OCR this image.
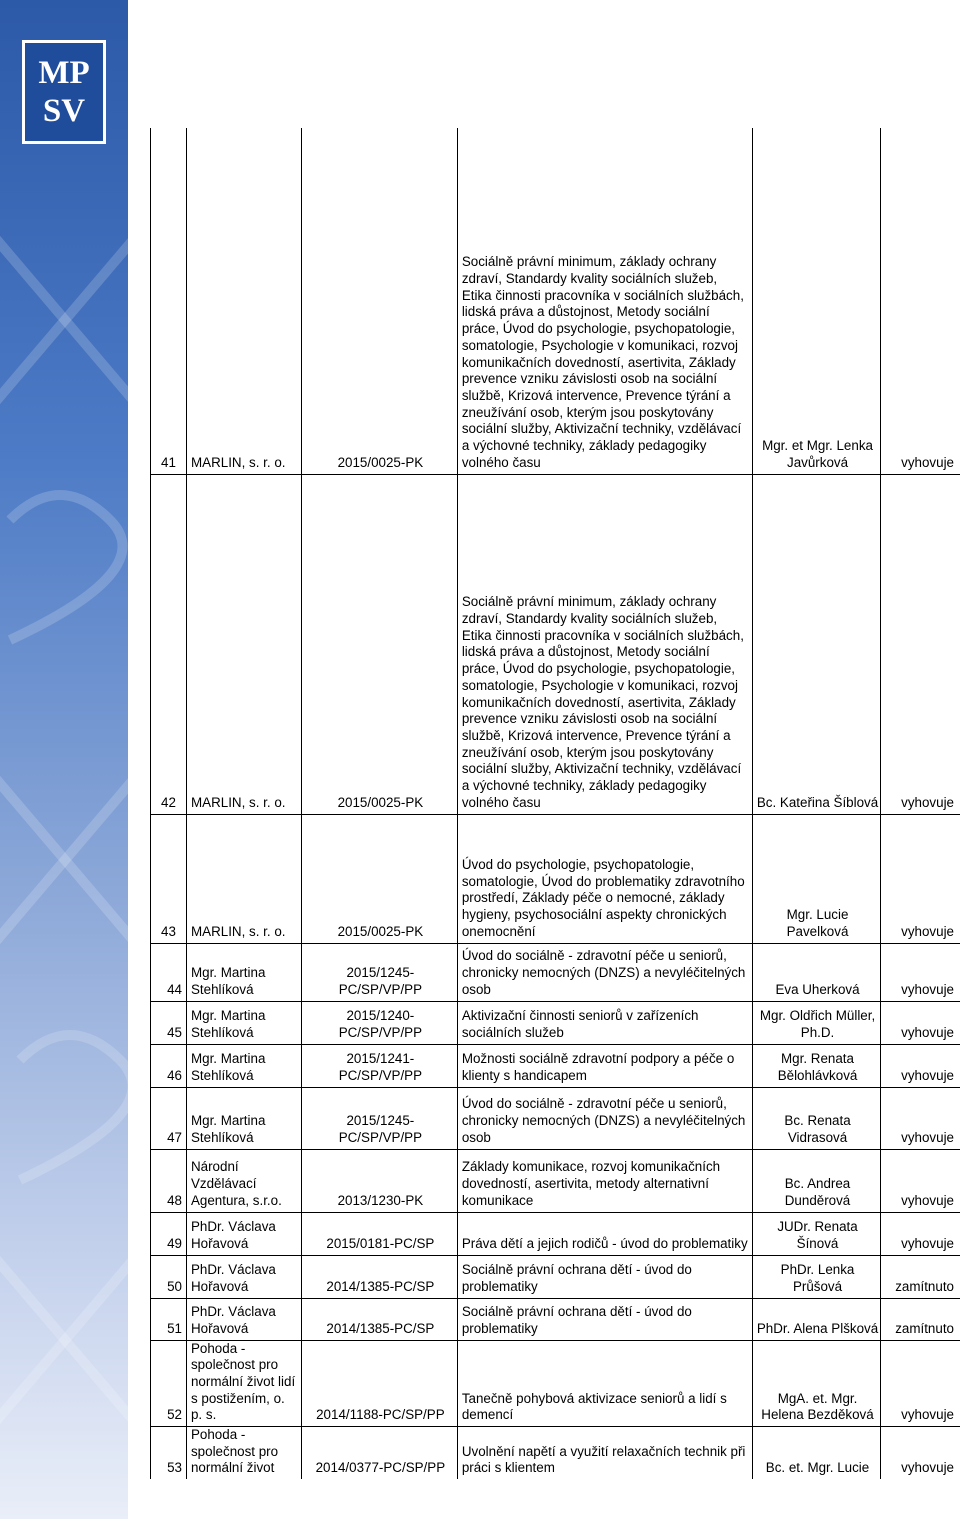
MP
SV
41	MARLIN, s. r. o.	2015/0025-PK	Sociálně právní minimum, základy ochrany zdraví, Standardy kvality sociálních služeb, Etika činnosti pracovníka v sociálních službách, lidská práva a důstojnost, Metody sociální práce, Úvod do psychologie, psychopatologie, somatologie, Psychologie v komunikaci, rozvoj komunikačních dovedností, asertivita, Základy prevence vzniku závislosti osob na sociální službě, Krizová intervence, Prevence týrání a zneužívání osob, kterým jsou poskytovány sociální služby, Aktivizační techniky, vzdělávací a výchovné techniky, základy pedagogiky volného času	Mgr. et Mgr. Lenka Javůrková	vyhovuje
42	MARLIN, s. r. o.	2015/0025-PK	Sociálně právní minimum, základy ochrany zdraví, Standardy kvality sociálních služeb, Etika činnosti pracovníka v sociálních službách, lidská práva a důstojnost, Metody sociální práce, Úvod do psychologie, psychopatologie, somatologie, Psychologie v komunikaci, rozvoj komunikačních dovedností, asertivita, Základy prevence vzniku závislosti osob na sociální službě, Krizová intervence, Prevence týrání a zneužívání osob, kterým jsou poskytovány sociální služby, Aktivizační techniky, vzdělávací a výchovné techniky, základy pedagogiky volného času	Bc. Kateřina Šíblová	vyhovuje
43	MARLIN, s. r. o.	2015/0025-PK	Úvod do psychologie, psychopatologie, somatologie, Úvod do problematiky zdravotního prostředí, Základy péče o nemocné, základy hygieny, psychosociální aspekty chronických onemocnění	Mgr. Lucie Pavelková	vyhovuje
44	Mgr. Martina Stehlíková	2015/1245-PC/SP/VP/PP	Úvod do sociálně - zdravotní péče u seniorů, chronicky nemocných (DNZS) a nevyléčitelných osob	Eva Uherková	vyhovuje
45	Mgr. Martina Stehlíková	2015/1240-PC/SP/VP/PP	Aktivizační činnosti seniorů v zařízeních sociálních služeb	Mgr. Oldřich Müller, Ph.D.	vyhovuje
46	Mgr. Martina Stehlíková	2015/1241-PC/SP/VP/PP	Možnosti sociálně zdravotní podpory a péče o klienty s handicapem	Mgr. Renata Bělohlávková	vyhovuje
47	Mgr. Martina Stehlíková	2015/1245-PC/SP/VP/PP	Úvod do sociálně - zdravotní péče u seniorů, chronicky nemocných (DNZS) a nevyléčitelných osob	Bc. Renata Vidrasová	vyhovuje
48	Národní Vzdělávací Agentura, s.r.o.	2013/1230-PK	Základy komunikace, rozvoj komunikačních dovedností, asertivita, metody alternativní komunikace	Bc. Andrea Dunděrová	vyhovuje
49	PhDr. Václava Hořavová	2015/0181-PC/SP	Práva dětí a jejich rodičů - úvod do problematiky	JUDr. Renata Šínová	vyhovuje
50	PhDr. Václava Hořavová	2014/1385-PC/SP	Sociálně právní ochrana dětí - úvod do problematiky	PhDr. Lenka Průšová	zamítnuto
51	PhDr. Václava Hořavová	2014/1385-PC/SP	Sociálně právní ochrana dětí - úvod do problematiky	PhDr. Alena Plšková	zamítnuto
52	Pohoda - společnost pro normální život lidí s postižením, o. p. s.	2014/1188-PC/SP/PP	Tanečně pohybová aktivizace seniorů a lidí s demencí	MgA. et. Mgr. Helena Bezděková	vyhovuje
53	Pohoda - společnost pro normální život	2014/0377-PC/SP/PP	Uvolnění napětí a využití relaxačních technik při práci s klientem	Bc. et. Mgr. Lucie	vyhovuje
